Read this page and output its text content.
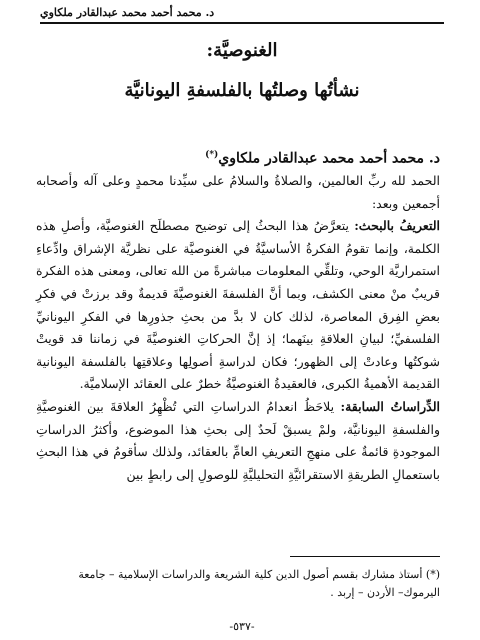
د. محمد أحمد محمد عبدالقادر ملكاوي
الغنوصيَّة:
نشأتُها وصلتُها بالفلسفةِ اليونانيَّة
د. محمد أحمد محمد عبدالقادر ملكاوي(*)

الحمد لله ربِّ العالمين، والصلاةُ والسلامُ على سيِّدنا محمدٍ وعلى آله وأصحابه أجمعين وبعد:

التعريفُ بالبحث: يتعرَّضُ هذا البحثُ إلى توضيح مصطلَح الغنوصيَّة، وأصلِ هذه الكلمة، وإنما تقومُ الفكرةُ الأساسيَّةُ في الغنوصيَّة على نظريَّة الإشراق وادِّعاءِ استمراريَّة الوحي، وتلقِّي المعلومات مباشرةً من الله تعالى، ومعنى هذه الفكرة قريبٌ منْ معنى الكشف، وبما أنَّ الفلسفةَ الغنوصيَّةَ قديمةٌ وقد برزتْ في فكرِ بعضِ الفِرق المعاصرة، لذلك كان لا بدَّ من بحثِ جذورِها في الفكرِ اليونانيِّ الفلسفيِّ؛ لبيانِ العلاقةِ بينَهما؛ إذ إنَّ الحركاتِ الغنوصيَّةَ في زماننا قد قويتْ شوكتُها وعادتْ إلى الظهور؛ فكان لدراسةِ أصولِها وعلاقتِها بالفلسفة اليونانية القديمة الأهميةُ الكبرى، فالعقيدةُ الغنوصيَّةُ خطرٌ على العقائد الإسلاميَّة.

الدِّراساتُ السابقة: يلاحَظُ انعدامُ الدراساتِ التي تُظْهِرُ العلاقةَ بين الغنوصيَّةِ والفلسفةِ اليونانيَّة، ولمْ يسبقْ لَحدٌ إلى بحثِ هذا الموضوع، وأكثرُ الدراساتِ الموجودةِ قائمةٌ على منهجِ التعريفِ العامِّ بالعقائد، ولذلك سأقومُ في هذا البحثِ باستعمالِ الطريقةِ الاستقرائيَّةِ التحليليَّةِ للوصولِ إلى رابطٍ بين

(*) أستاذ مشارك بقسم أصول الدين كلية الشريعة والدراسات الإسلامية – جامعة اليرموك– الأردن – إربد .
-٥٣٧-
